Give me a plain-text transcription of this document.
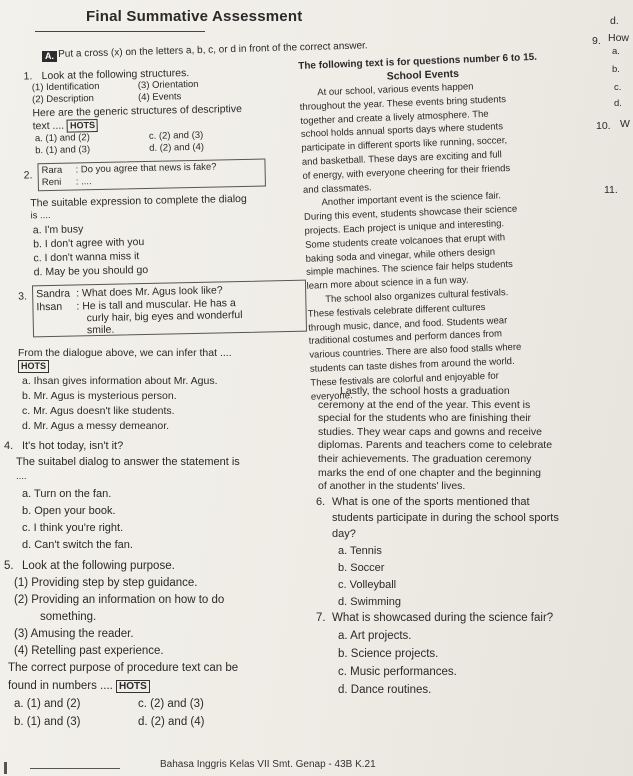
Final Summative Assessment
A. Put a cross (x) on the letters a, b, c, or d in front of the correct answer.
d.
9. How
a.
b.
c.
d.
10. W
11.
1. Look at the following structures.
(1) Identification	(3) Orientation
(2) Description	(4) Events
Here are the generic structures of descriptive
text .... HOTS
a. (1) and (2)	c. (2) and (3)
b. (1) and (3)	d. (2) and (4)
2. Rara : Do you agree that news is fake?
Reni : ....
The suitable expression to complete the dialog
is ....
a. I'm busy
b. I don't agree with you
c. I don't wanna miss it
d. May be you should go
3. Sandra : What does Mr. Agus look like?
Ihsan : He is tall and muscular. He has a
curly hair, big eyes and wonderful
smile.
From the dialogue above, we can infer that ....
HOTS
a. Ihsan gives information about Mr. Agus.
b. Mr. Agus is mysterious person.
c. Mr. Agus doesn't like students.
d. Mr. Agus a messy demeanor.
4. It's hot today, isn't it?
The suitabel dialog to answer the statement is
....
a. Turn on the fan.
b. Open your book.
c. I think you're right.
d. Can't switch the fan.
5. Look at the following purpose.
(1) Providing step by step guidance.
(2) Providing an information on how to do
something.
(3) Amusing the reader.
(4) Retelling past experience.
The correct purpose of procedure text can be
found in numbers .... HOTS
a. (1) and (2)	c. (2) and (3)
b. (1) and (3)	d. (2) and (4)
The following text is for questions number 6 to 15.
School Events
At our school, various events happen
throughout the year. These events bring students
together and create a lively atmosphere. The
school holds annual sports days where students
participate in different sports like running, soccer,
and basketball. These days are exciting and full
of energy, with everyone cheering for their friends
and classmates.
Another important event is the science fair.
During this event, students showcase their science
projects. Each project is unique and interesting.
Some students create volcanoes that erupt with
baking soda and vinegar, while others design
simple machines. The science fair helps students
learn more about science in a fun way.
The school also organizes cultural festivals.
These festivals celebrate different cultures
through music, dance, and food. Students wear
traditional costumes and perform dances from
various countries. There are also food stalls where
students can taste dishes from around the world.
These festivals are colorful and enjoyable for
everyone.
Lastly, the school hosts a graduation
ceremony at the end of the year. This event is
special for the students who are finishing their
studies. They wear caps and gowns and receive
diplomas. Parents and teachers come to celebrate
their achievements. The graduation ceremony
marks the end of one chapter and the beginning
of another in the students' lives.
6. What is one of the sports mentioned that
students participate in during the school sports
day?
a. Tennis
b. Soccer
c. Volleyball
d. Swimming
7. What is showcased during the science fair?
a. Art projects.
b. Science projects.
c. Music performances.
d. Dance routines.
Bahasa Inggris Kelas VII Smt. Genap - 43B K.21
